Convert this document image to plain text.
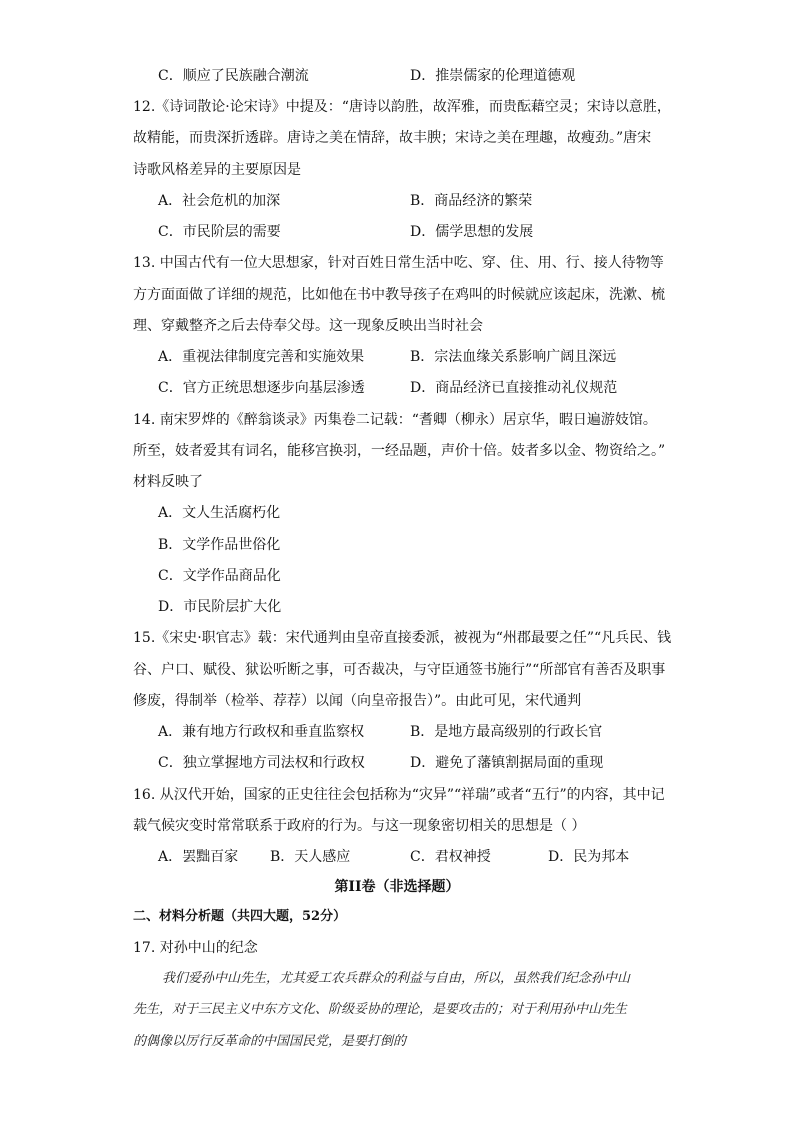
C．顺应了民族融合潮流	D．推崇儒家的伦理道德观
12.《诗词散论·论宋诗》中提及：“唐诗以韵胜，故浑雅，而贵酝藉空灵；宋诗以意胜，
故精能，而贵深折透辟。唐诗之美在情辞，故丰腴；宋诗之美在理趣，故瘦劲。”唐宋
诗歌风格差异的主要原因是
A．社会危机的加深	B．商品经济的繁荣
C．市民阶层的需要	D．儒学思想的发展
13. 中国古代有一位大思想家，针对百姓日常生活中吃、穿、住、用、行、接人待物等
方方面面做了详细的规范，比如他在书中教导孩子在鸡叫的时候就应该起床，洗漱、梳
理、穿戴整齐之后去侍奉父母。这一现象反映出当时社会
A．重视法律制度完善和实施效果	B．宗法血缘关系影响广阔且深远
C．官方正统思想逐步向基层渗透	D．商品经济已直接推动礼仪规范
14. 南宋罗烨的《醉翁谈录》丙集卷二记载：“耆卿（柳永）居京华，暇日遍游妓馆。
所至，妓者爱其有词名，能移宫换羽，一经品题，声价十倍。妓者多以金、物资给之。”
材料反映了
A．文人生活腐朽化
B．文学作品世俗化
C．文学作品商品化
D．市民阶层扩大化
15.《宋史·职官志》载：宋代通判由皇帝直接委派，被视为“州郡最要之任”“凡兵民、钱
谷、户口、赋役、狱讼听断之事，可否裁决，与守臣通签书施行”“所部官有善否及职事
修废，得制举（检举、荐荐）以闻（向皇帝报告）”。由此可见，宋代通判
A．兼有地方行政权和垂直监察权	B．是地方最高级别的行政长官
C．独立掌握地方司法权和行政权	D．避免了藩镇割据局面的重现
16. 从汉代开始，国家的正史往往会包括称为“灾异”“祥瑞”或者“五行”的内容，其中记
载气候灾变时常常联系于政府的行为。与这一现象密切相关的思想是（ ）
A．罢黜百家 B．天人感应	C．君权神授	D．民为邦本
第II卷（非选择题）
二、材料分析题（共四大题，52分）
17. 对孙中山的纪念
我们爱孙中山先生，尤其爱工农兵群众的利益与自由，所以，虽然我们纪念孙中山
先生，对于三民主义中东方文化、阶级妥协的理论，是要攻击的；对于利用孙中山先生
的偶像以厉行反革命的中国国民党，是要打倒的
